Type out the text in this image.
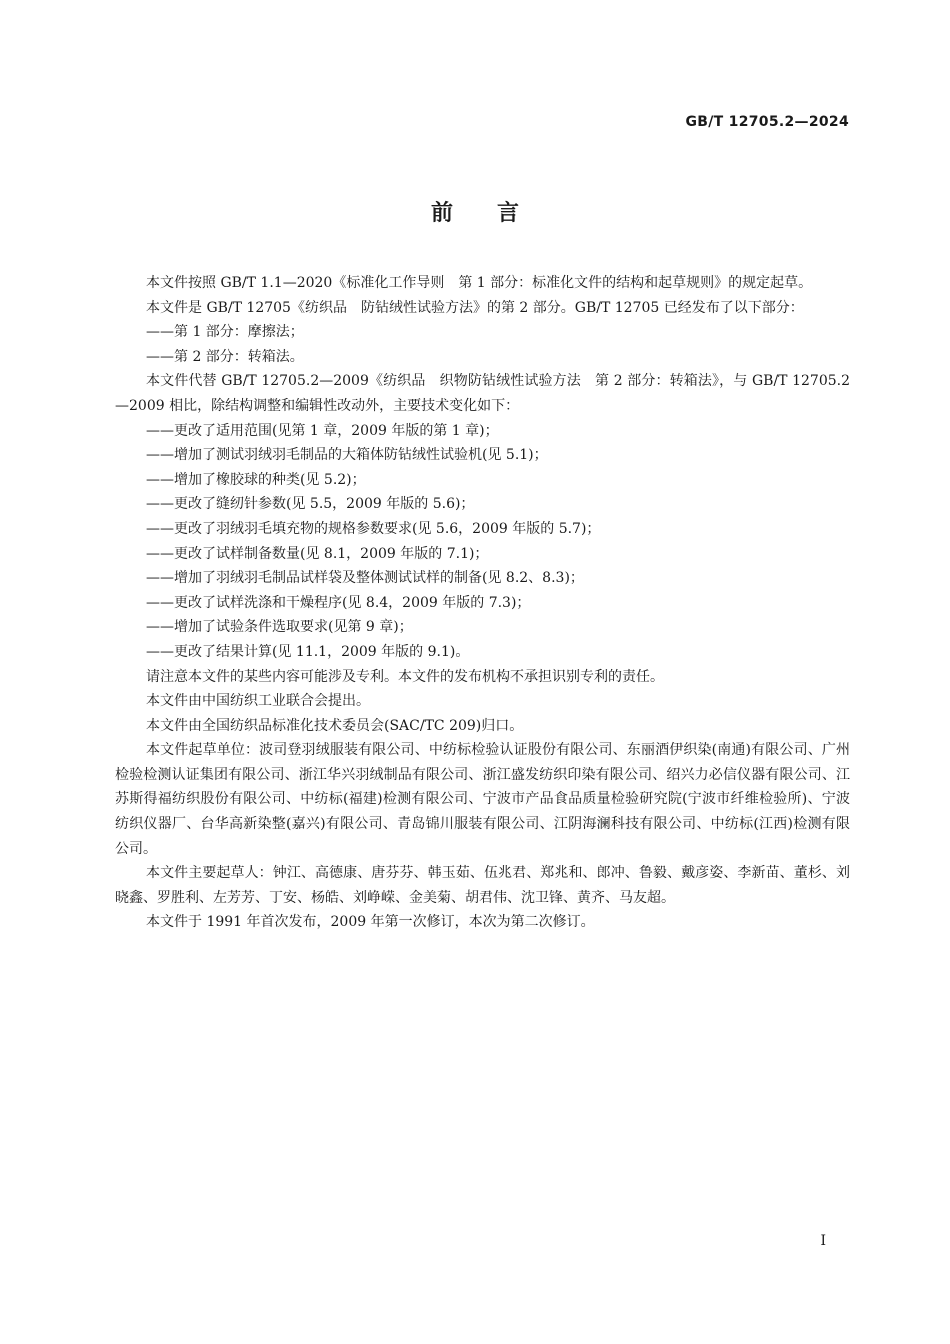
GB/T 12705.2—2024
前　　言

本文件按照 GB/T 1.1—2020《标准化工作导则　第 1 部分：标准化文件的结构和起草规则》的规定起草。

本文件是 GB/T 12705《纺织品　防钻绒性试验方法》的第 2 部分。GB/T 12705 已经发布了以下部分：

——第 1 部分：摩擦法；

——第 2 部分：转箱法。

本文件代替 GB/T 12705.2—2009《纺织品　织物防钻绒性试验方法　第 2 部分：转箱法》，与 GB/T 12705.2—2009 相比，除结构调整和编辑性改动外，主要技术变化如下：

——更改了适用范围(见第 1 章，2009 年版的第 1 章)；

——增加了测试羽绒羽毛制品的大箱体防钻绒性试验机(见 5.1)；

——增加了橡胶球的种类(见 5.2)；

——更改了缝纫针参数(见 5.5，2009 年版的 5.6)；

——更改了羽绒羽毛填充物的规格参数要求(见 5.6，2009 年版的 5.7)；

——更改了试样制备数量(见 8.1，2009 年版的 7.1)；

——增加了羽绒羽毛制品试样袋及整体测试试样的制备(见 8.2、8.3)；

——更改了试样洗涤和干燥程序(见 8.4，2009 年版的 7.3)；

——增加了试验条件选取要求(见第 9 章)；

——更改了结果计算(见 11.1，2009 年版的 9.1)。

请注意本文件的某些内容可能涉及专利。本文件的发布机构不承担识别专利的责任。

本文件由中国纺织工业联合会提出。

本文件由全国纺织品标准化技术委员会(SAC/TC 209)归口。

本文件起草单位：波司登羽绒服装有限公司、中纺标检验认证股份有限公司、东丽酒伊织染(南通)有限公司、广州检验检测认证集团有限公司、浙江华兴羽绒制品有限公司、浙江盛发纺织印染有限公司、绍兴力必信仪器有限公司、江苏斯得福纺织股份有限公司、中纺标(福建)检测有限公司、宁波市产品食品质量检验研究院(宁波市纤维检验所)、宁波纺织仪器厂、台华高新染整(嘉兴)有限公司、青岛锦川服装有限公司、江阴海澜科技有限公司、中纺标(江西)检测有限公司。

本文件主要起草人：钟江、高德康、唐芬芬、韩玉茹、伍兆君、郑兆和、郎冲、鲁毅、戴彦姿、李新苗、董杉、刘晓鑫、罗胜利、左芳芳、丁安、杨皓、刘峥嵘、金美菊、胡君伟、沈卫锋、黄齐、马友超。

本文件于 1991 年首次发布，2009 年第一次修订，本次为第二次修订。

I
